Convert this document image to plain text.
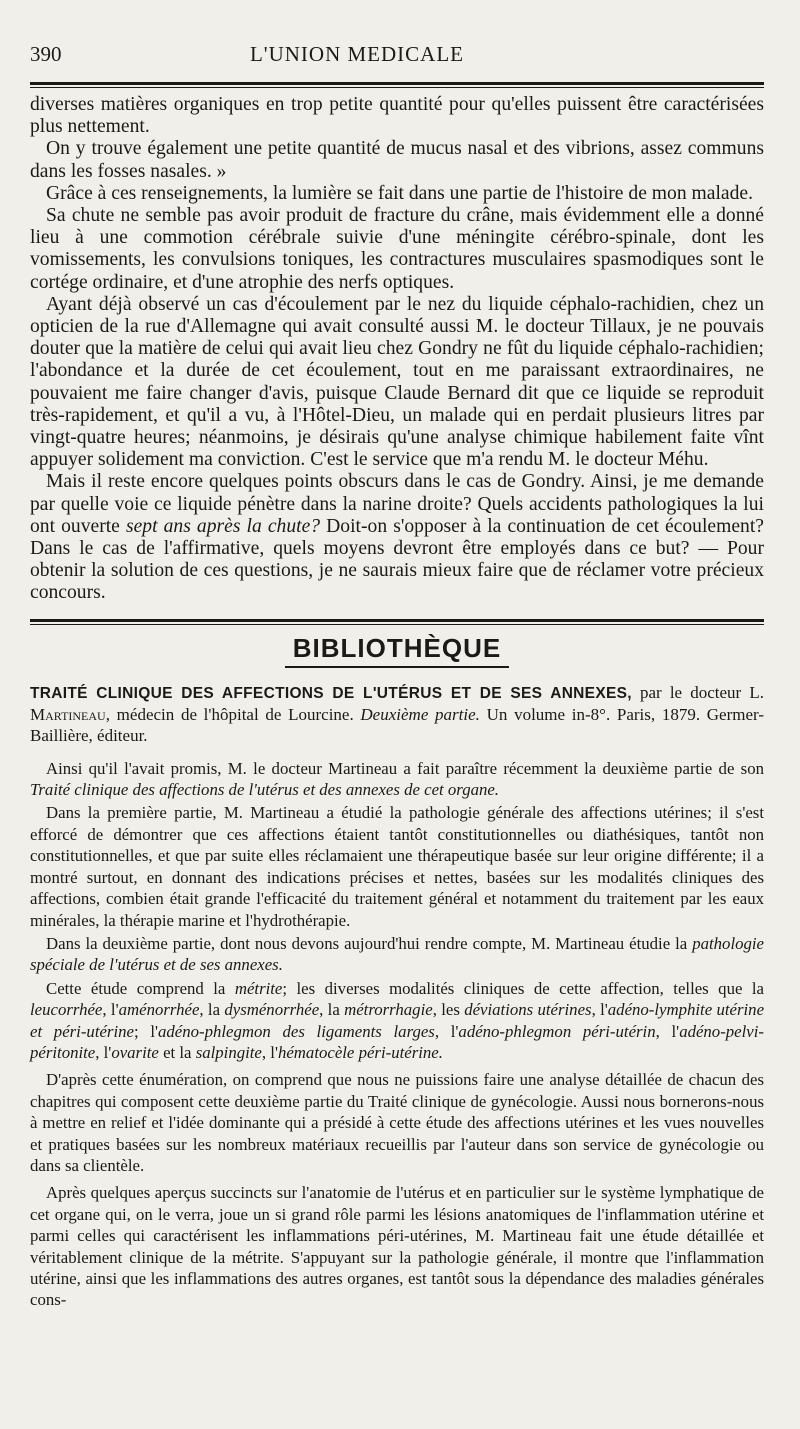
390	L'UNION MEDICALE

diverses matières organiques en trop petite quantité pour qu'elles puissent être caractérisées plus nettement.

On y trouve également une petite quantité de mucus nasal et des vibrions, assez communs dans les fosses nasales. »

Grâce à ces renseignements, la lumière se fait dans une partie de l'histoire de mon malade.

Sa chute ne semble pas avoir produit de fracture du crâne, mais évidemment elle a donné lieu à une commotion cérébrale suivie d'une méningite cérébro-spinale, dont les vomissements, les convulsions toniques, les contractures musculaires spasmodiques sont le cortége ordinaire, et d'une atrophie des nerfs optiques.

Ayant déjà observé un cas d'écoulement par le nez du liquide céphalo-rachidien, chez un opticien de la rue d'Allemagne qui avait consulté aussi M. le docteur Tillaux, je ne pouvais douter que la matière de celui qui avait lieu chez Gondry ne fût du liquide céphalo-rachidien; l'abondance et la durée de cet écoulement, tout en me paraissant extraordinaires, ne pouvaient me faire changer d'avis, puisque Claude Bernard dit que ce liquide se reproduit très-rapidement, et qu'il a vu, à l'Hôtel-Dieu, un malade qui en perdait plusieurs litres par vingt-quatre heures; néanmoins, je désirais qu'une analyse chimique habilement faite vînt appuyer solidement ma conviction. C'est le service que m'a rendu M. le docteur Méhu.

Mais il reste encore quelques points obscurs dans le cas de Gondry. Ainsi, je me demande par quelle voie ce liquide pénètre dans la narine droite? Quels accidents pathologiques la lui ont ouverte sept ans après la chute? Doit-on s'opposer à la continuation de cet écoulement? Dans le cas de l'affirmative, quels moyens devront être employés dans ce but? — Pour obtenir la solution de ces questions, je ne saurais mieux faire que de réclamer votre précieux concours.

BIBLIOTHÈQUE
TRAITÉ CLINIQUE DES AFFECTIONS DE L'UTÉRUS ET DE SES ANNEXES, par le docteur L. Martineau, médecin de l'hôpital de Lourcine. Deuxième partie. Un volume in-8°. Paris, 1879. Germer-Baillière, éditeur.

Ainsi qu'il l'avait promis, M. le docteur Martineau a fait paraître récemment la deuxième partie de son Traité clinique des affections de l'utérus et des annexes de cet organe.

Dans la première partie, M. Martineau a étudié la pathologie générale des affections utérines; il s'est efforcé de démontrer que ces affections étaient tantôt constitutionnelles ou diathésiques, tantôt non constitutionnelles, et que par suite elles réclamaient une thérapeutique basée sur leur origine différente; il a montré surtout, en donnant des indications précises et nettes, basées sur les modalités cliniques des affections, combien était grande l'efficacité du traitement général et notamment du traitement par les eaux minérales, la thérapie marine et l'hydrothérapie.

Dans la deuxième partie, dont nous devons aujourd'hui rendre compte, M. Martineau étudie la pathologie spéciale de l'utérus et de ses annexes.

Cette étude comprend la métrite; les diverses modalités cliniques de cette affection, telles que la leucorrhée, l'aménorrhée, la dysménorrhée, la métrorrhagie, les déviations utérines, l'adéno-lymphite utérine et péri-utérine; l'adéno-phlegmon des ligaments larges, l'adéno-phlegmon péri-utérin, l'adéno-pelvi-péritonite, l'ovarite et la salpingite, l'hématocèle péri-utérine.

D'après cette énumération, on comprend que nous ne puissions faire une analyse détaillée de chacun des chapitres qui composent cette deuxième partie du Traité clinique de gynécologie. Aussi nous bornerons-nous à mettre en relief et l'idée dominante qui a présidé à cette étude des affections utérines et les vues nouvelles et pratiques basées sur les nombreux matériaux recueillis par l'auteur dans son service de gynécologie ou dans sa clientèle.

Après quelques aperçus succincts sur l'anatomie de l'utérus et en particulier sur le système lymphatique de cet organe qui, on le verra, joue un si grand rôle parmi les lésions anatomiques de l'inflammation utérine et parmi celles qui caractérisent les inflammations péri-utérines, M. Martineau fait une étude détaillée et véritablement clinique de la métrite. S'appuyant sur la pathologie générale, il montre que l'inflammation utérine, ainsi que les inflammations des autres organes, est tantôt sous la dépendance des maladies générales cons-
